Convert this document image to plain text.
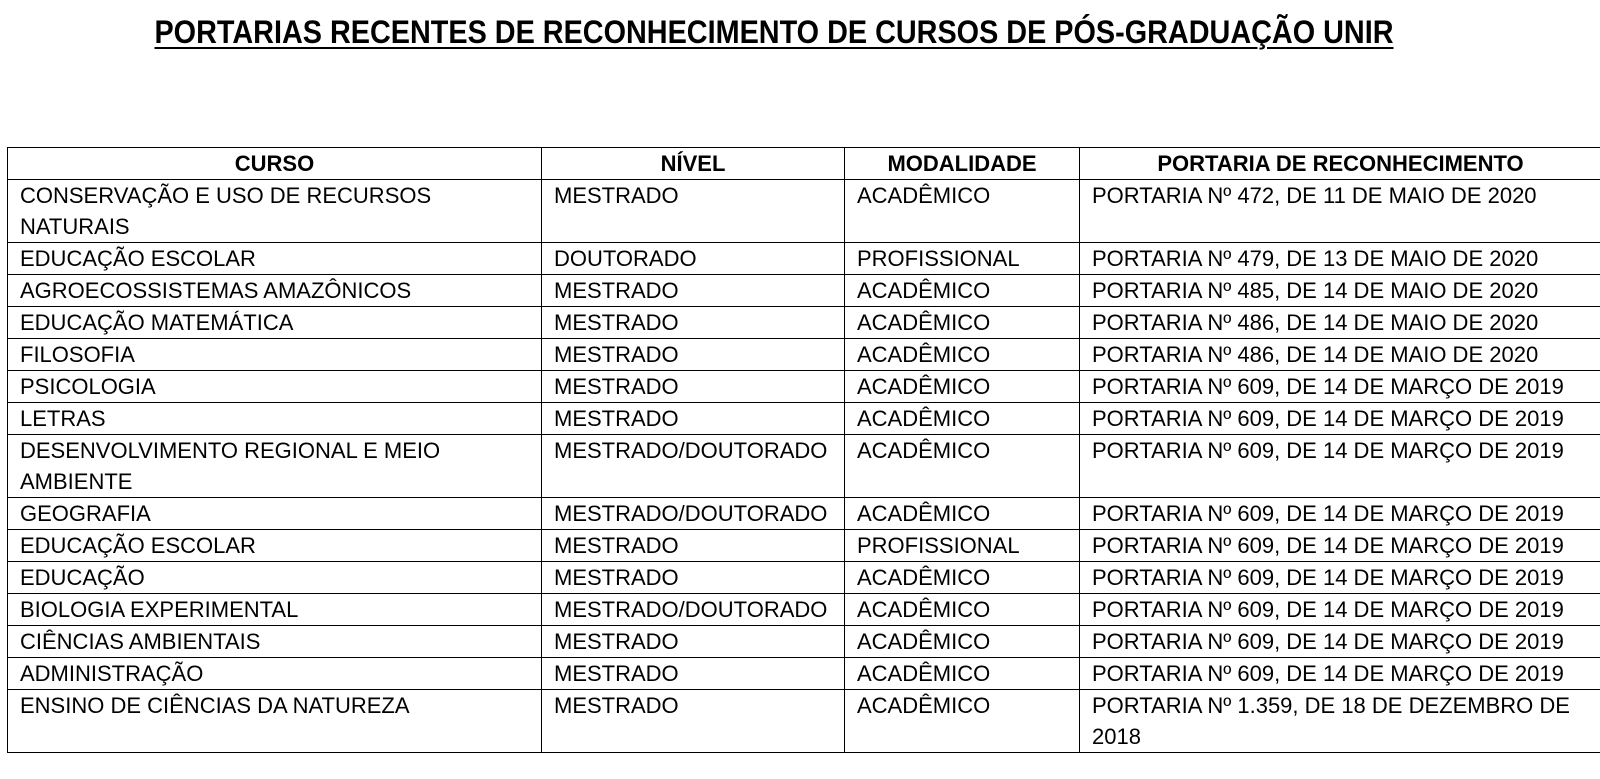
PORTARIAS RECENTES DE RECONHECIMENTO DE CURSOS DE PÓS-GRADUAÇÃO UNIR
CURSO	NÍVEL	MODALIDADE	PORTARIA DE RECONHECIMENTO
CONSERVAÇÃO E USO DE RECURSOS NATURAIS	MESTRADO	ACADÊMICO	PORTARIA Nº 472, DE 11 DE MAIO DE 2020
EDUCAÇÃO ESCOLAR	DOUTORADO	PROFISSIONAL	PORTARIA Nº 479, DE 13 DE MAIO DE 2020
AGROECOSSISTEMAS AMAZÔNICOS	MESTRADO	ACADÊMICO	PORTARIA Nº 485, DE 14 DE MAIO DE 2020
EDUCAÇÃO MATEMÁTICA	MESTRADO	ACADÊMICO	PORTARIA Nº 486, DE 14 DE MAIO DE 2020
FILOSOFIA	MESTRADO	ACADÊMICO	PORTARIA Nº 486, DE 14 DE MAIO DE 2020
PSICOLOGIA	MESTRADO	ACADÊMICO	PORTARIA Nº 609, DE 14 DE MARÇO DE 2019
LETRAS	MESTRADO	ACADÊMICO	PORTARIA Nº 609, DE 14 DE MARÇO DE 2019
DESENVOLVIMENTO REGIONAL E MEIO AMBIENTE	MESTRADO/DOUTORADO	ACADÊMICO	PORTARIA Nº 609, DE 14 DE MARÇO DE 2019
GEOGRAFIA	MESTRADO/DOUTORADO	ACADÊMICO	PORTARIA Nº 609, DE 14 DE MARÇO DE 2019
EDUCAÇÃO ESCOLAR	MESTRADO	PROFISSIONAL	PORTARIA Nº 609, DE 14 DE MARÇO DE 2019
EDUCAÇÃO	MESTRADO	ACADÊMICO	PORTARIA Nº 609, DE 14 DE MARÇO DE 2019
BIOLOGIA EXPERIMENTAL	MESTRADO/DOUTORADO	ACADÊMICO	PORTARIA Nº 609, DE 14 DE MARÇO DE 2019
CIÊNCIAS AMBIENTAIS	MESTRADO	ACADÊMICO	PORTARIA Nº 609, DE 14 DE MARÇO DE 2019
ADMINISTRAÇÃO	MESTRADO	ACADÊMICO	PORTARIA Nº 609, DE 14 DE MARÇO DE 2019
ENSINO DE CIÊNCIAS DA NATUREZA	MESTRADO	ACADÊMICO	PORTARIA Nº 1.359, DE 18 DE DEZEMBRO DE 2018
